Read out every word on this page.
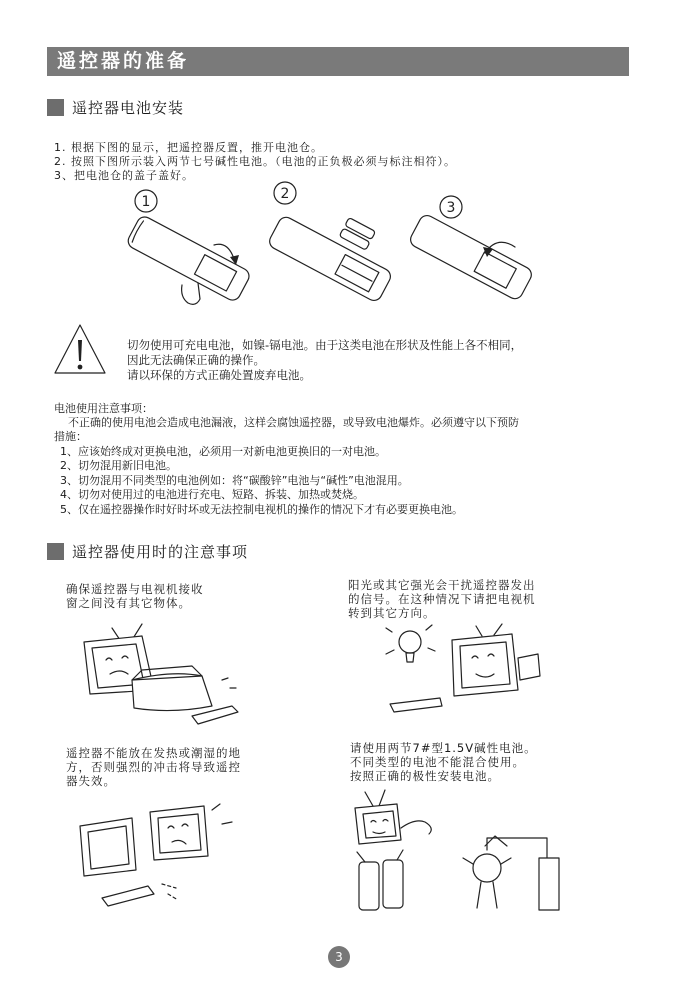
遥控器的准备
遥控器电池安装
1. 根据下图的显示，把遥控器反置，推开电池仓。
2. 按照下图所示装入两节七号碱性电池。（电池的正负极必须与标注相符）。
3、把电池仓的盖子盖好。
1	2
3
切勿使用可充电电池，如镍-镉电池。由于这类电池在形状及性能上各不相同，
因此无法确保正确的操作。
请以环保的方式正确处置废弃电池。
电池使用注意事项：
不正确的使用电池会造成电池漏液，这样会腐蚀遥控器，或导致电池爆炸。必须遵守以下预防
措施：
1、应该始终成对更换电池，必须用一对新电池更换旧的一对电池。
2、切勿混用新旧电池。
3、切勿混用不同类型的电池例如：将“碳酸锌”电池与“碱性”电池混用。
4、切勿对使用过的电池进行充电、短路、拆装、加热或焚烧。
5、仅在遥控器操作时好时坏或无法控制电视机的操作的情况下才有必要更换电池。
遥控器使用时的注意事项
确保遥控器与电视机接收
窗之间没有其它物体。
阳光或其它强光会干扰遥控器发出
的信号。在这种情况下请把电视机
转到其它方向。
遥控器不能放在发热或潮湿的地
方，否则强烈的冲击将导致遥控
器失效。
请使用两节7#型1.5V碱性电池。
不同类型的电池不能混合使用。
按照正确的极性安装电池。
3
